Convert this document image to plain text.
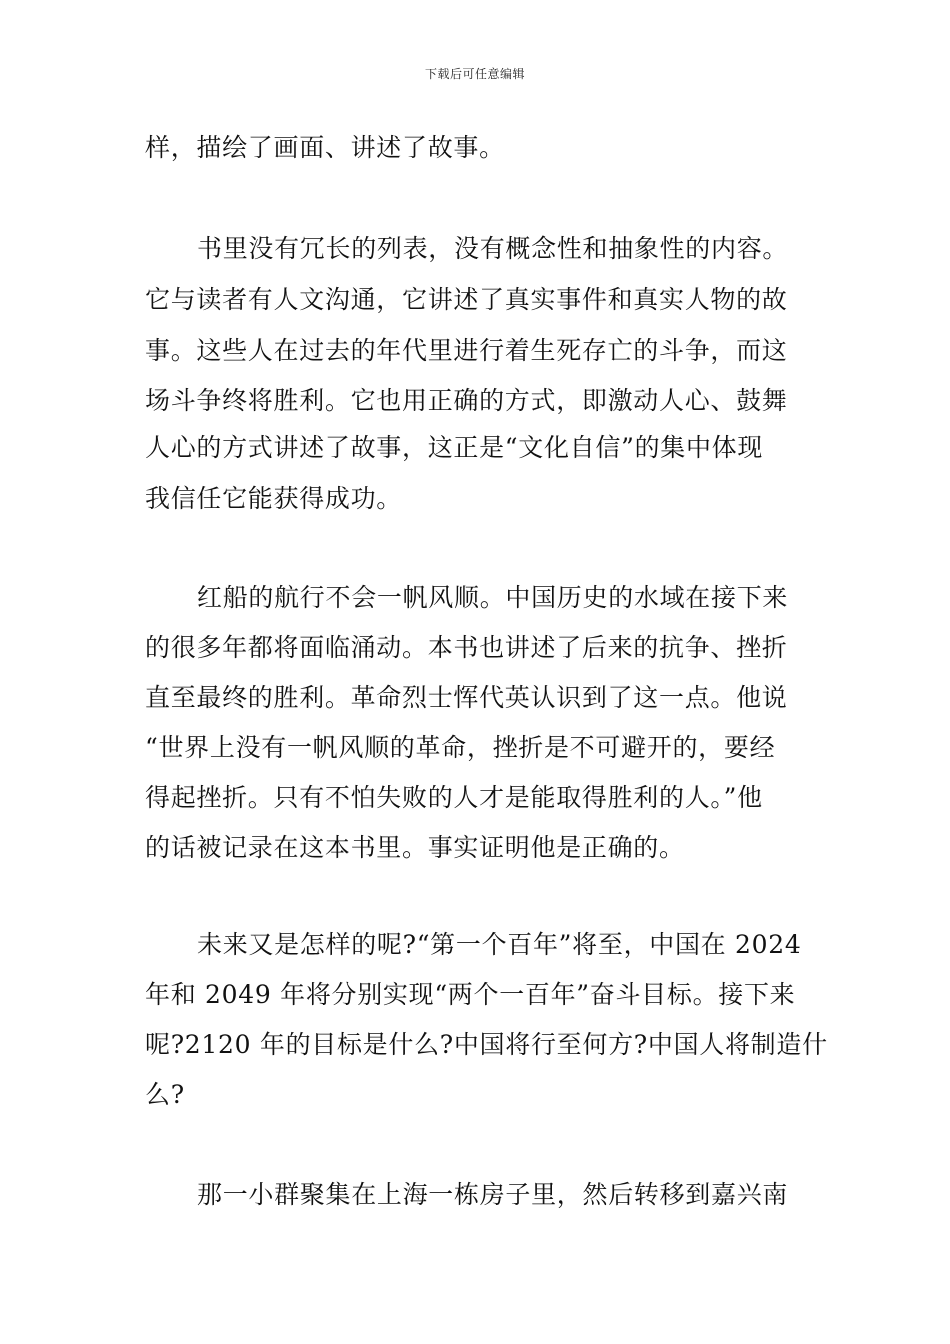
下载后可任意编辑
样，描绘了画面、讲述了故事。
书里没有冗长的列表，没有概念性和抽象性的内容。
它与读者有人文沟通，它讲述了真实事件和真实人物的故
事。这些人在过去的年代里进行着生死存亡的斗争，而这
场斗争终将胜利。它也用正确的方式，即激动人心、鼓舞
人心的方式讲述了故事，这正是“文化自信”的集中体现
我信任它能获得成功。
红船的航行不会一帆风顺。中国历史的水域在接下来
的很多年都将面临涌动。本书也讲述了后来的抗争、挫折
直至最终的胜利。革命烈士恽代英认识到了这一点。他说
“世界上没有一帆风顺的革命，挫折是不可避开的，要经
得起挫折。只有不怕失败的人才是能取得胜利的人。”他
的话被记录在这本书里。事实证明他是正确的。
未来又是怎样的呢?“第一个百年”将至，中国在 2024
年和 2049 年将分别实现“两个一百年”奋斗目标。接下来
呢?2120 年的目标是什么?中国将行至何方?中国人将制造什
么?
那一小群聚集在上海一栋房子里，然后转移到嘉兴南
